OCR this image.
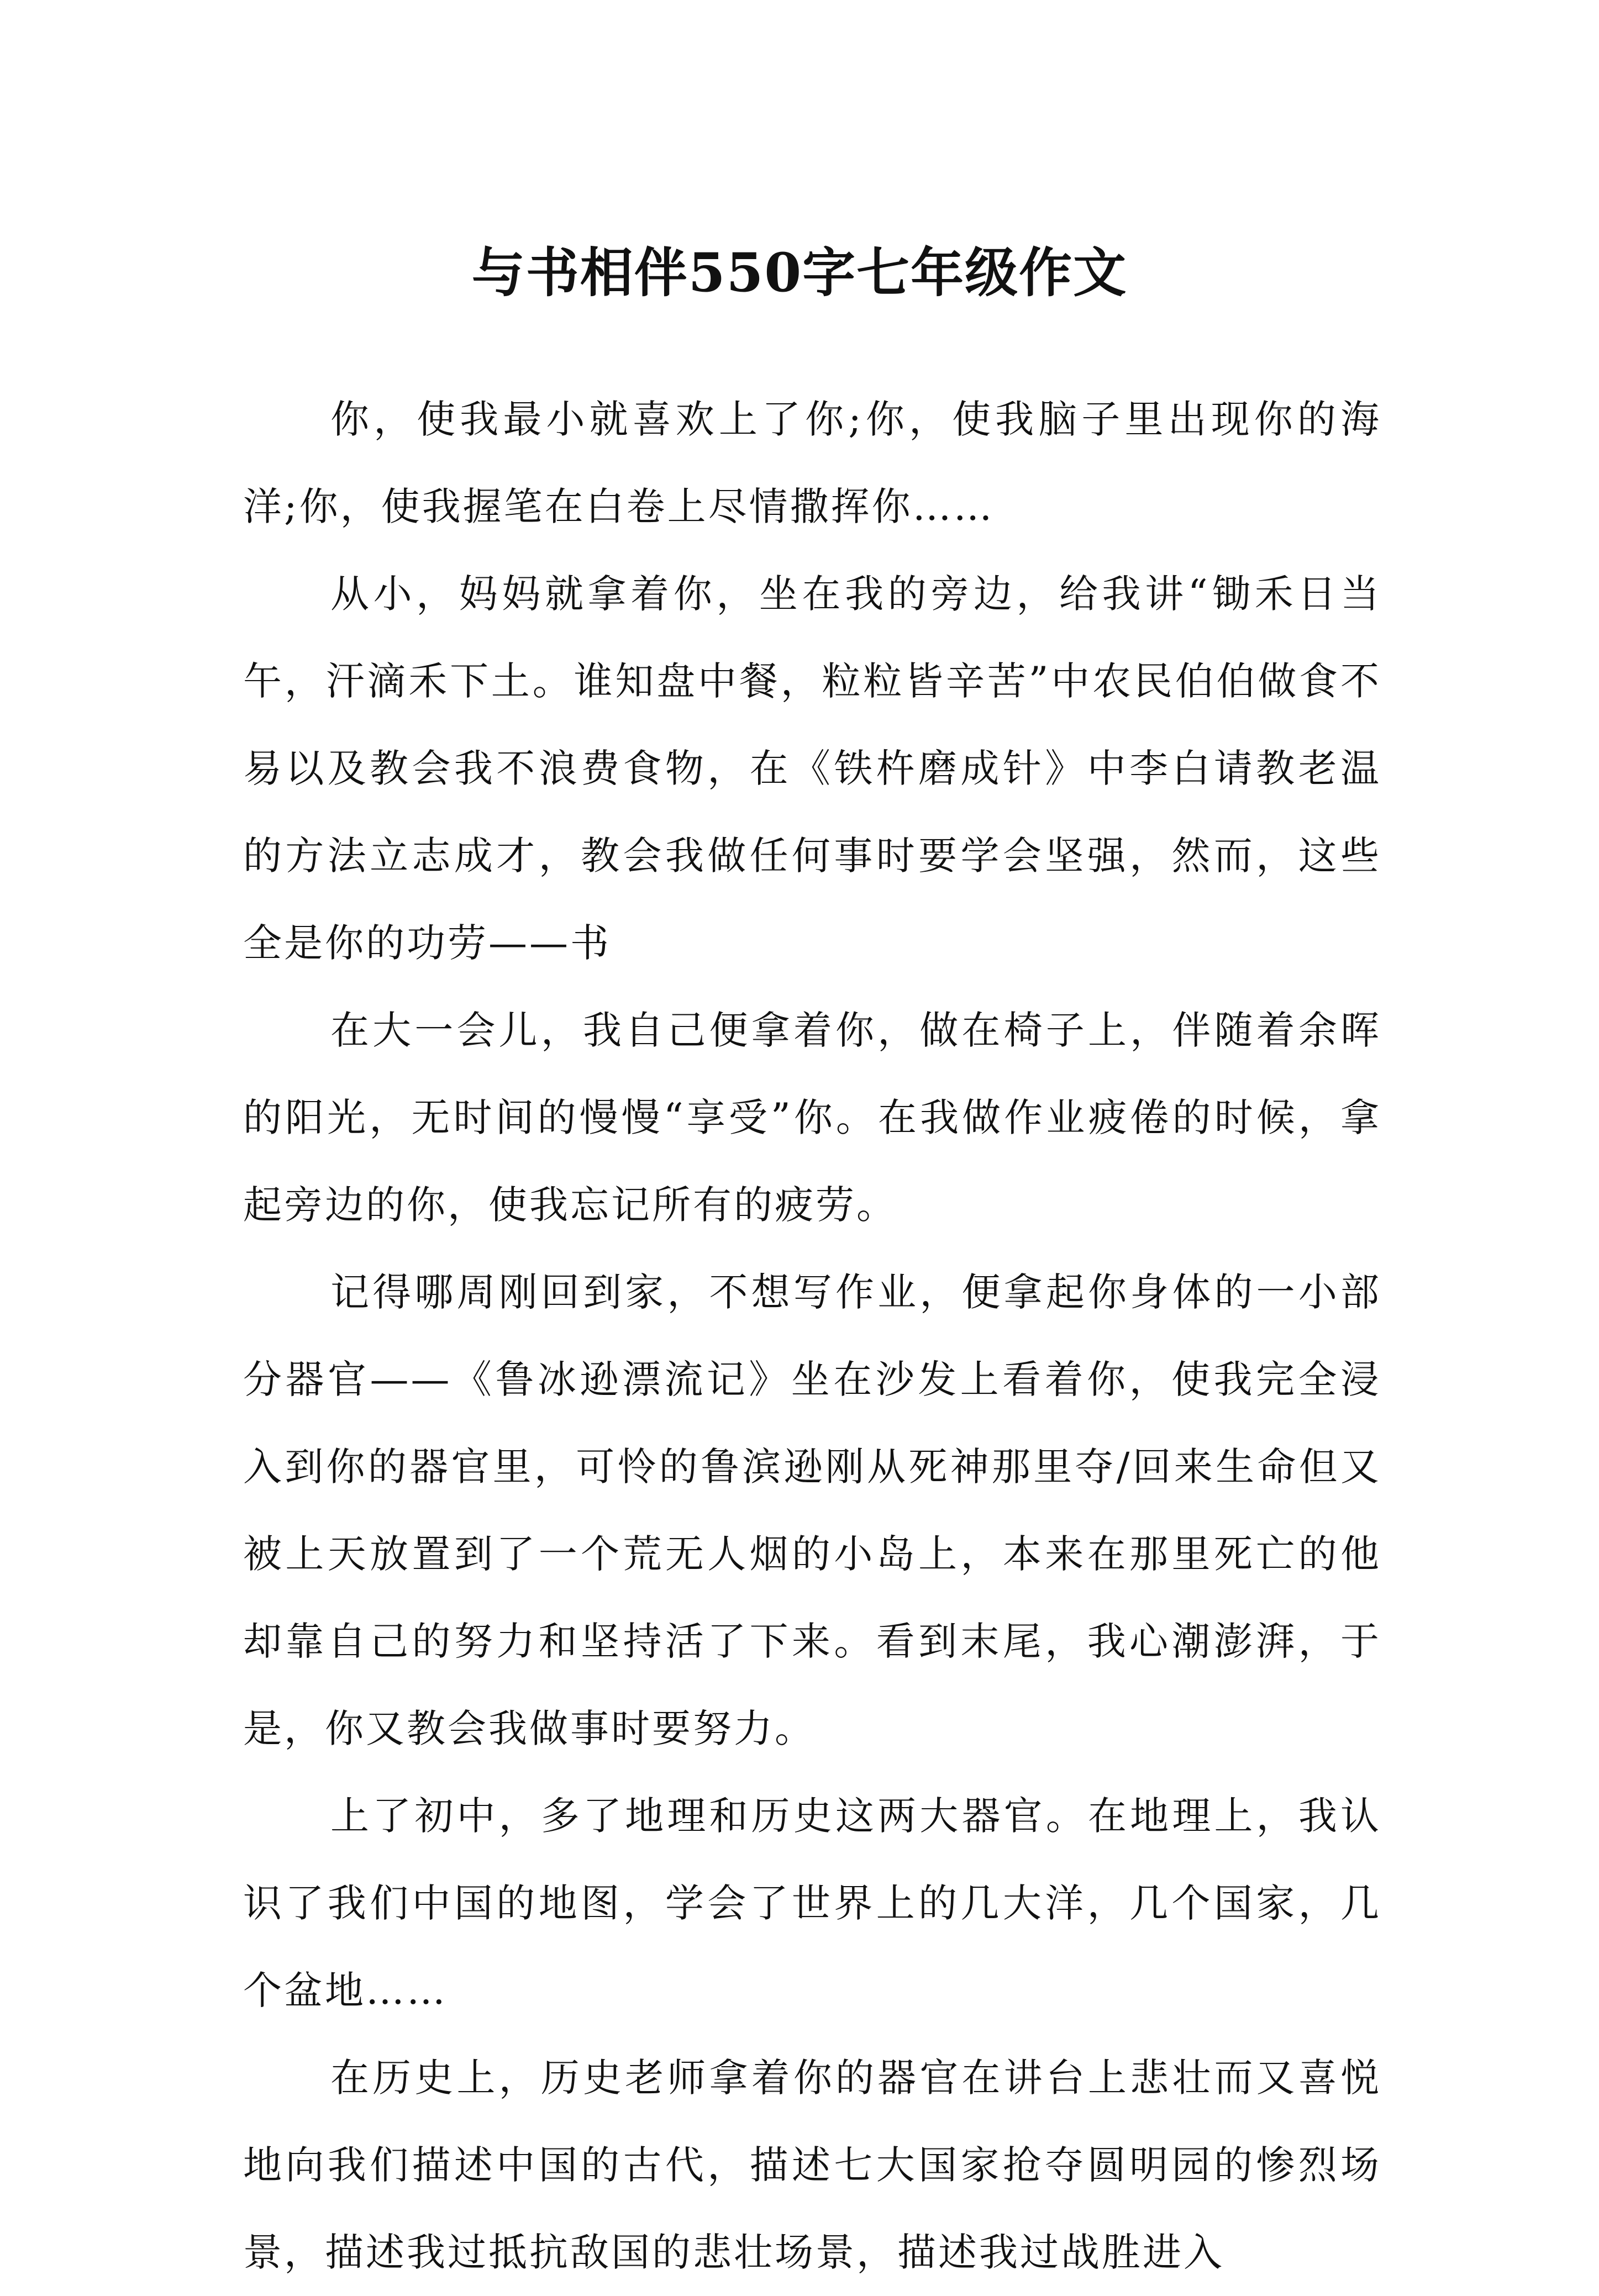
与书相伴550字七年级作文

你，使我最小就喜欢上了你;你，使我脑子里出现你的海洋;你，使我握笔在白卷上尽情撒挥你……

从小，妈妈就拿着你，坐在我的旁边，给我讲“锄禾日当午，汗滴禾下土。谁知盘中餐，粒粒皆辛苦”中农民伯伯做食不易以及教会我不浪费食物，在《铁杵磨成针》中李白请教老温的方法立志成才，教会我做任何事时要学会坚强，然而，这些全是你的功劳——书

在大一会儿，我自己便拿着你，做在椅子上，伴随着余晖的阳光，无时间的慢慢“享受”你。在我做作业疲倦的时候，拿起旁边的你，使我忘记所有的疲劳。

记得哪周刚回到家，不想写作业，便拿起你身体的一小部分器官——《鲁冰逊漂流记》坐在沙发上看着你，使我完全浸入到你的器官里，可怜的鲁滨逊刚从死神那里夺/回来生命但又被上天放置到了一个荒无人烟的小岛上，本来在那里死亡的他却靠自己的努力和坚持活了下来。看到末尾，我心潮澎湃，于是，你又教会我做事时要努力。

上了初中，多了地理和历史这两大器官。在地理上，我认识了我们中国的地图，学会了世界上的几大洋，几个国家，几个盆地……

在历史上，历史老师拿着你的器官在讲台上悲壮而又喜悦地向我们描述中国的古代，描述七大国家抢夺圆明园的惨烈场景，描述我过抵抗敌国的悲壮场景，描述我过战胜进入
